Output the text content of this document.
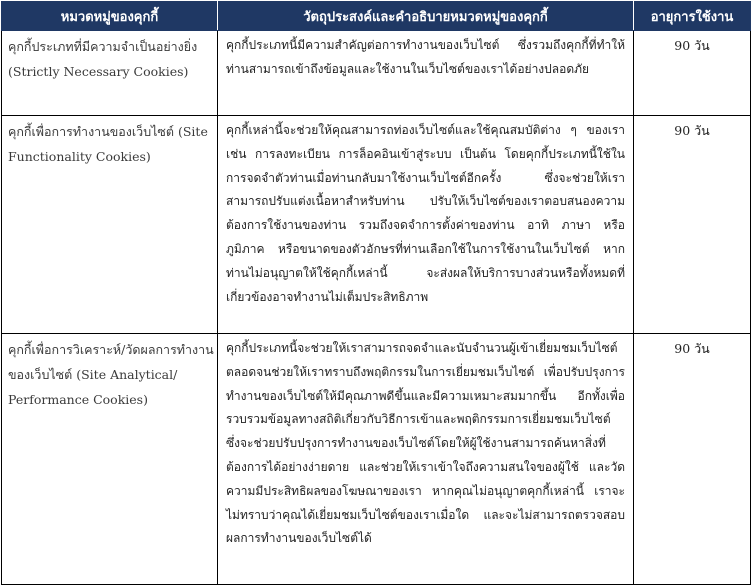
หมวดหมู่ของคุกกี้	วัตถุประสงค์และคำอธิบายหมวดหมู่ของคุกกี้	อายุการใช้งาน
คุกกี้ประเภทที่มีความจำเป็นอย่างยิ่ง (Strictly Necessary Cookies)	คุกกี้ประเภทนี้มีความสำคัญต่อการทำงานของเว็บไซต์ ซึ่งรวมถึงคุกกี้ที่ทำให้ท่านสามารถเข้าถึงข้อมูลและใช้งานในเว็บไซต์ของเราได้อย่างปลอดภัย	90 วัน
คุกกี้เพื่อการทำงานของเว็บไซต์ (Site Functionality Cookies)	คุกกี้เหล่านี้จะช่วยให้คุณสามารถท่องเว็บไซต์และใช้คุณสมบัติต่าง ๆ ของเรา เช่น การลงทะเบียน การล็อคอินเข้าสู่ระบบ เป็นต้น โดยคุกกี้ประเภทนี้ใช้ในการจดจำตัวท่านเมื่อท่านกลับมาใช้งานเว็บไซต์อีกครั้ง ซึ่งจะช่วยให้เราสามารถปรับแต่งเนื้อหาสำหรับท่าน ปรับให้เว็บไซต์ของเราตอบสนองความต้องการใช้งานของท่าน รวมถึงจดจำการตั้งค่าของท่าน อาทิ ภาษา หรือ ภูมิภาค หรือขนาดของตัวอักษรที่ท่านเลือกใช้ในการใช้งานในเว็บไซต์ หากท่านไม่อนุญาตให้ใช้คุกกี้เหล่านี้ จะส่งผลให้บริการบางส่วนหรือทั้งหมดที่เกี่ยวข้องอาจทำงานไม่เต็มประสิทธิภาพ	90 วัน
คุกกี้เพื่อการวิเคราะห์/วัดผลการทำงานของเว็บไซต์ (Site Analytical/ Performance Cookies)	คุกกี้ประเภทนี้จะช่วยให้เราสามารถจดจำและนับจำนวนผู้เข้าเยี่ยมชมเว็บไซต์ตลอดจนช่วยให้เราทราบถึงพฤติกรรมในการเยี่ยมชมเว็บไซต์ เพื่อปรับปรุงการทำงานของเว็บไซต์ให้มีคุณภาพดีขึ้นและมีความเหมาะสมมากขึ้น อีกทั้งเพื่อรวบรวมข้อมูลทางสถิติเกี่ยวกับวิธีการเข้าและพฤติกรรมการเยี่ยมชมเว็บไซต์ ซึ่งจะช่วยปรับปรุงการทำงานของเว็บไซต์โดยให้ผู้ใช้งานสามารถค้นหาสิ่งที่ต้องการได้อย่างง่ายดาย และช่วยให้เราเข้าใจถึงความสนใจของผู้ใช้ และวัดความมีประสิทธิผลของโฆษณาของเรา หากคุณไม่อนุญาตคุกกี้เหล่านี้ เราจะไม่ทราบว่าคุณได้เยี่ยมชมเว็บไซต์ของเราเมื่อใด และจะไม่สามารถตรวจสอบผลการทำงานของเว็บไซต์ได้	90 วัน
